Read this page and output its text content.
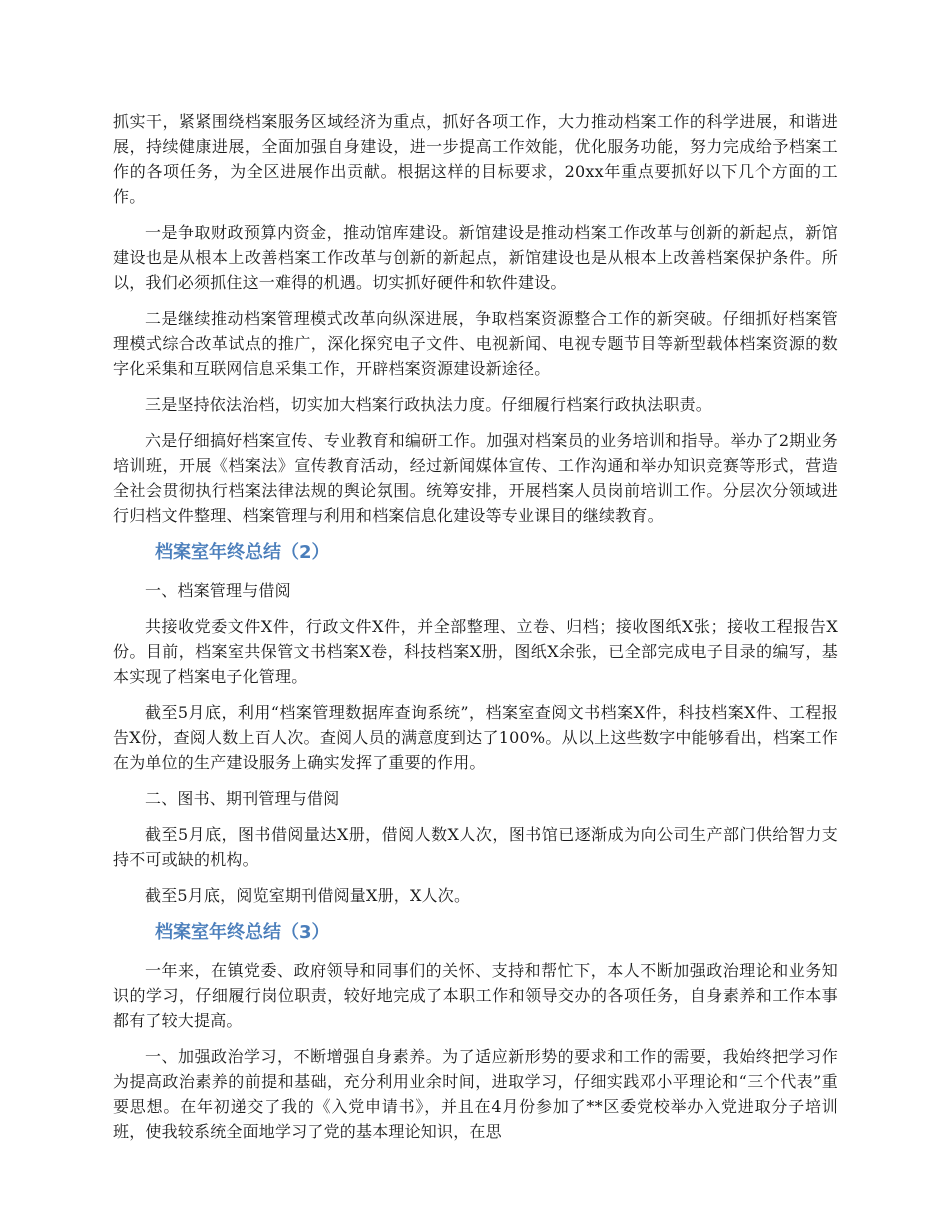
抓实干，紧紧围绕档案服务区域经济为重点，抓好各项工作，大力推动档案工作的科学进展，和谐进展，持续健康进展，全面加强自身建设，进一步提高工作效能，优化服务功能，努力完成给予档案工作的各项任务，为全区进展作出贡献。根据这样的目标要求，20xx年重点要抓好以下几个方面的工作。

一是争取财政预算内资金，推动馆库建设。新馆建设是推动档案工作改革与创新的新起点，新馆建设也是从根本上改善档案工作改革与创新的新起点，新馆建设也是从根本上改善档案保护条件。所以，我们必须抓住这一难得的机遇。切实抓好硬件和软件建设。

二是继续推动档案管理模式改革向纵深进展，争取档案资源整合工作的新突破。仔细抓好档案管理模式综合改革试点的推广，深化探究电子文件、电视新闻、电视专题节目等新型载体档案资源的数字化采集和互联网信息采集工作，开辟档案资源建设新途径。

三是坚持依法治档，切实加大档案行政执法力度。仔细履行档案行政执法职责。

六是仔细搞好档案宣传、专业教育和编研工作。加强对档案员的业务培训和指导。举办了2期业务培训班，开展《档案法》宣传教育活动，经过新闻媒体宣传、工作沟通和举办知识竞赛等形式，营造全社会贯彻执行档案法律法规的舆论氛围。统筹安排，开展档案人员岗前培训工作。分层次分领域进行归档文件整理、档案管理与利用和档案信息化建设等专业课目的继续教育。

档案室年终总结（2）

一、档案管理与借阅

共接收党委文件X件，行政文件X件，并全部整理、立卷、归档；接收图纸X张；接收工程报告X份。目前，档案室共保管文书档案X卷，科技档案X册，图纸X余张，已全部完成电子目录的编写，基本实现了档案电子化管理。

截至5月底，利用“档案管理数据库查询系统”，档案室查阅文书档案X件，科技档案X件、工程报告X份，查阅人数上百人次。查阅人员的满意度到达了100%。从以上这些数字中能够看出，档案工作在为单位的生产建设服务上确实发挥了重要的作用。

二、图书、期刊管理与借阅

截至5月底，图书借阅量达X册，借阅人数X人次，图书馆已逐渐成为向公司生产部门供给智力支持不可或缺的机构。

截至5月底，阅览室期刊借阅量X册，X人次。

档案室年终总结（3）

一年来，在镇党委、政府领导和同事们的关怀、支持和帮忙下，本人不断加强政治理论和业务知识的学习，仔细履行岗位职责，较好地完成了本职工作和领导交办的各项任务，自身素养和工作本事都有了较大提高。

一、加强政治学习，不断增强自身素养。为了适应新形势的要求和工作的需要，我始终把学习作为提高政治素养的前提和基础，充分利用业余时间，进取学习，仔细实践邓小平理论和“三个代表”重要思想。在年初递交了我的《入党申请书》，并且在4月份参加了**区委党校举办入党进取分子培训班，使我较系统全面地学习了党的基本理论知识，在思
